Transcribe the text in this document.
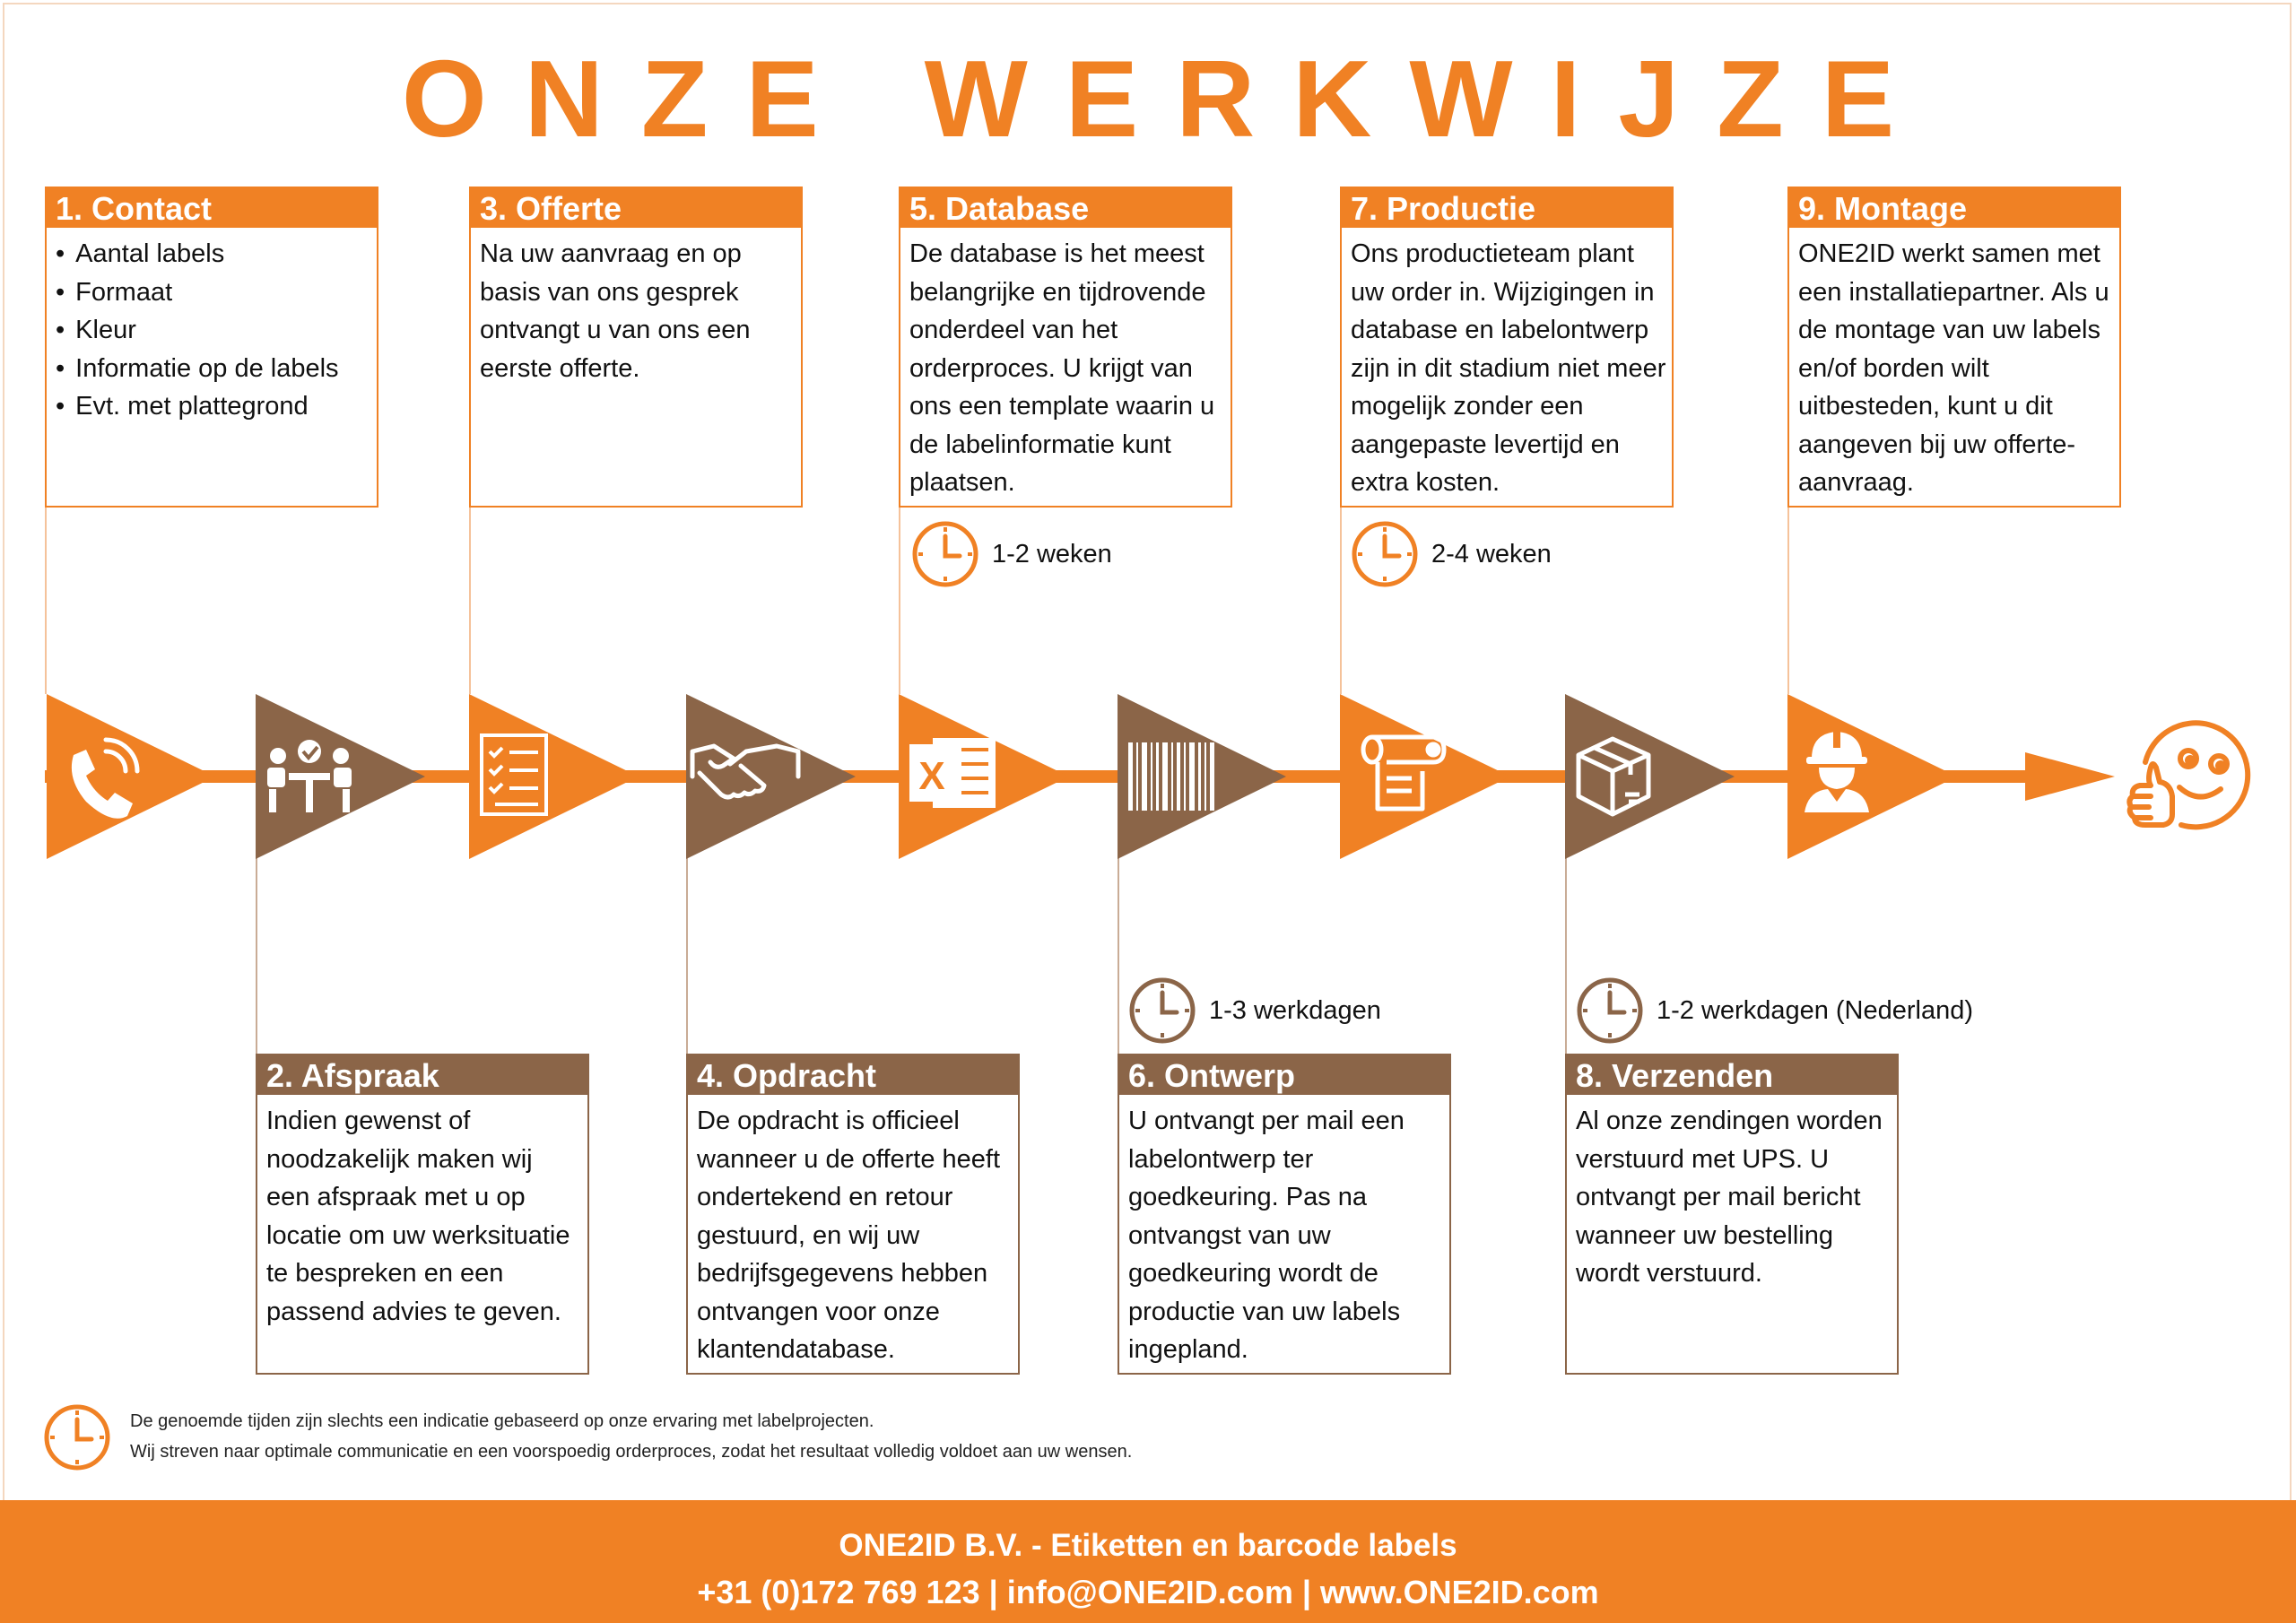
ONZE WERKWIJZE
X
1. Contact
• Aantal labels
• Formaat
• Kleur
• Informatie op de labels
• Evt. met plattegrond
3. Offerte
Na uw aanvraag en op basis van ons gesprek ontvangt u van ons een eerste offerte.
5. Database
De database is het meest belangrijke en tijdrovende onderdeel van het orderproces. U krijgt van ons een template waarin u de labelinformatie kunt plaatsen.
7. Productie
Ons productieteam plant uw order in. Wijzigingen in database en labelontwerp zijn in dit stadium niet meer mogelijk zonder een aangepaste levertijd en extra kosten.
9. Montage
ONE2ID werkt samen met een installatiepartner. Als u de montage van uw labels en/of borden wilt uitbesteden, kunt u dit aangeven bij uw offerte-aanvraag.
2. Afspraak
Indien gewenst of noodzakelijk maken wij een afspraak met u op locatie om uw werksituatie te bespreken en een passend advies te geven.
4. Opdracht
De opdracht is officieel wanneer u de offerte heeft ondertekend en retour gestuurd, en wij uw bedrijfsgegevens hebben ontvangen voor onze klantendatabase.
6. Ontwerp
U ontvangt per mail een labelontwerp ter goedkeuring. Pas na ontvangst van uw goedkeuring wordt de productie van uw labels ingepland.
8. Verzenden
Al onze zendingen worden verstuurd met UPS. U ontvangt per mail bericht wanneer uw bestelling wordt verstuurd.
1-2 weken	2-4 weken
1-3 werkdagen	1-2 werkdagen (Nederland)
De genoemde tijden zijn slechts een indicatie gebaseerd op onze ervaring met labelprojecten.
Wij streven naar optimale communicatie en een voorspoedig orderproces, zodat het resultaat volledig voldoet aan uw wensen.
ONE2ID B.V. - Etiketten en barcode labels
+31 (0)172 769 123 | info@ONE2ID.com | www.ONE2ID.com
